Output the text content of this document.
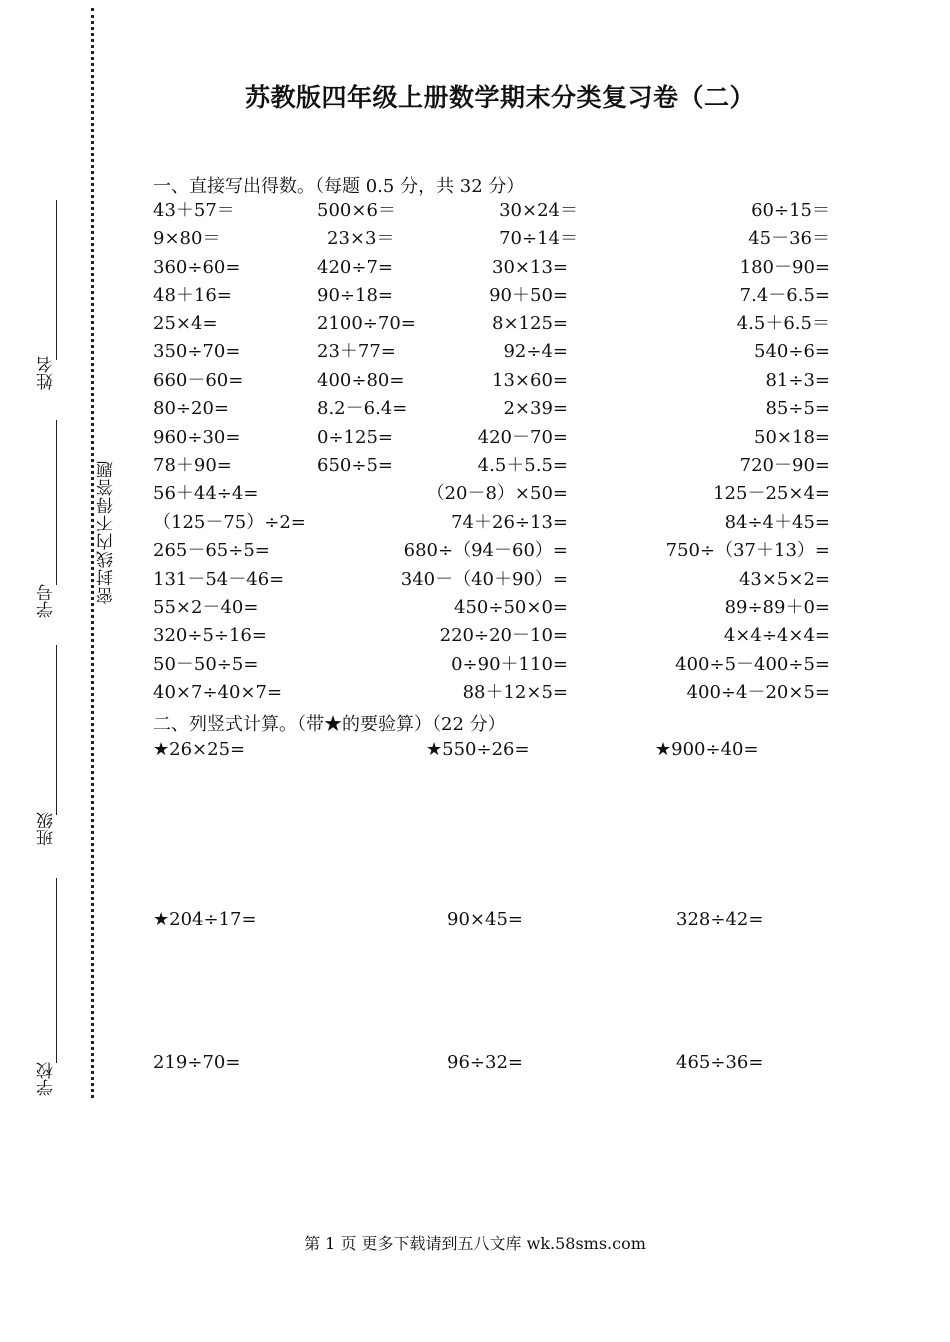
密封线内不得答题
姓名
学号
班级
学校
苏教版四年级上册数学期末分类复习卷（二）
一、直接写出得数。（每题 0.5 分，共 32 分）
43＋57＝	500×6＝	30×24＝	60÷15＝
9×80＝	23×3＝	70÷14＝	45－36＝
360÷60=	420÷7=	30×13=	180－90=
48＋16=	90÷18=	90＋50=	7.4－6.5=
25×4=	2100÷70=	8×125=	4.5＋6.5＝
350÷70=	23＋77=	92÷4=	540÷6=
660－60=	400÷80=	13×60=	81÷3=
80÷20=	8.2－6.4=	2×39=	85÷5=
960÷30=	0÷125=	420－70=	50×18=
78＋90=	650÷5=	4.5＋5.5=	720－90=
56＋44÷4=	（20－8）×50=	125－25×4=
（125－75）÷2=	74＋26÷13=	84÷4＋45=
265－65÷5=	680÷（94－60）=	750÷（37＋13）=
131－54－46=	340－（40＋90）=	43×5×2=
55×2－40=	450÷50×0=	89÷89＋0=
320÷5÷16=	220÷20－10=	4×4÷4×4=
50－50÷5=	0÷90＋110=	400÷5－400÷5=
40×7÷40×7=	88＋12×5=	400÷4－20×5=
二、列竖式计算。（带★的要验算）（22 分）
★26×25=	★550÷26=	★900÷40=
★204÷17=	90×45=	328÷42=
219÷70=	96÷32=	465÷36=
第 1 页 更多下载请到五八文库 wk.58sms.com
